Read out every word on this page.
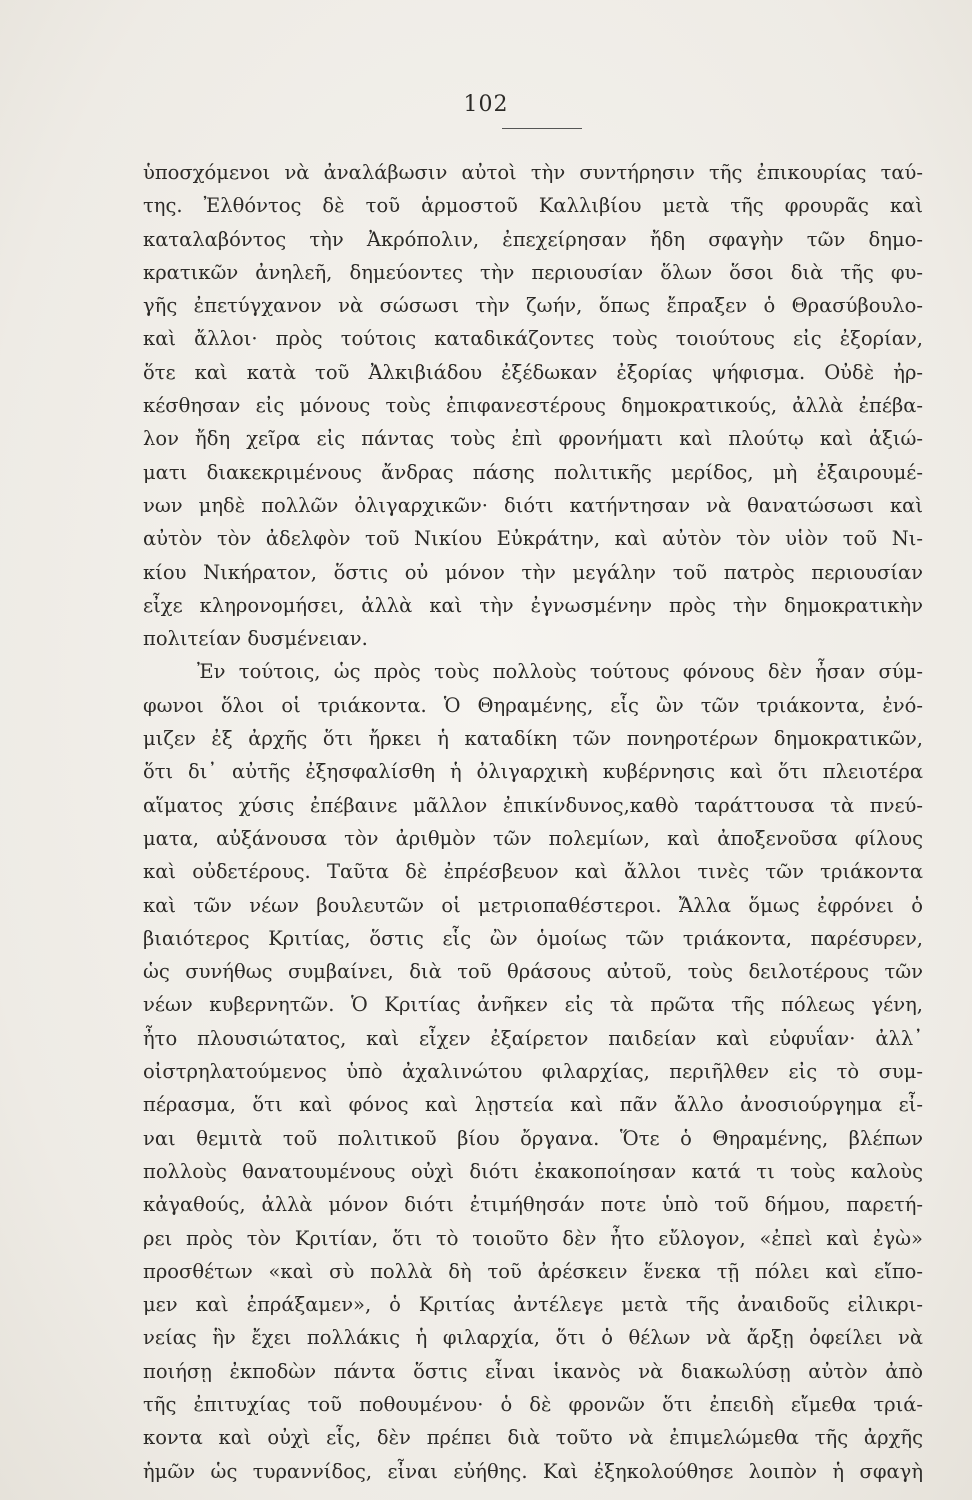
102
ὑποσχόμενοι νὰ ἀναλάβωσιν αὐτοὶ τὴν συντήρησιν τῆς ἐπικουρίας ταύ-
της. Ἐλθόντος δὲ τοῦ ἁρμοστοῦ Καλλιβίου μετὰ τῆς φρουρᾶς καὶ
καταλαβόντος τὴν Ἀκρόπολιν, ἐπεχείρησαν ἤδη σφαγὴν τῶν δημο-
κρατικῶν ἀνηλεῆ, δημεύοντες τὴν περιουσίαν ὅλων ὅσοι διὰ τῆς φυ-
γῆς ἐπετύγχανον νὰ σώσωσι τὴν ζωήν, ὅπως ἔπραξεν ὁ Θρασύβουλο-
καὶ ἄλλοι· πρὸς τούτοις καταδικάζοντες τοὺς τοιούτους εἰς ἐξορίαν,
ὅτε καὶ κατὰ τοῦ Ἀλκιβιάδου ἐξέδωκαν ἐξορίας ψήφισμα. Οὐδὲ ἠρ-
κέσθησαν εἰς μόνους τοὺς ἐπιφανεστέρους δημοκρατικούς, ἀλλὰ ἐπέβα-
λον ἤδη χεῖρα εἰς πάντας τοὺς ἐπὶ φρονήματι καὶ πλούτῳ καὶ ἀξιώ-
ματι διακεκριμένους ἄνδρας πάσης πολιτικῆς μερίδος, μὴ ἐξαιρουμέ-
νων μηδὲ πολλῶν ὀλιγαρχικῶν· διότι κατήντησαν νὰ θανατώσωσι καὶ
αὐτὸν τὸν ἀδελφὸν τοῦ Νικίου Εὐκράτην, καὶ αὐτὸν τὸν υἱὸν τοῦ Νι-
κίου Νικήρατον, ὅστις οὐ μόνον τὴν μεγάλην τοῦ πατρὸς περιουσίαν
εἶχε κληρονομήσει, ἀλλὰ καὶ τὴν ἐγνωσμένην πρὸς τὴν δημοκρατικὴν
πολιτείαν δυσμένειαν.
Ἐν τούτοις, ὡς πρὸς τοὺς πολλοὺς τούτους φόνους δὲν ἦσαν σύμ-
φωνοι ὅλοι οἱ τριάκοντα. Ὁ Θηραμένης, εἷς ὢν τῶν τριάκοντα, ἐνό-
μιζεν ἐξ ἀρχῆς ὅτι ἤρκει ἡ καταδίκη τῶν πονηροτέρων δημοκρατικῶν,
ὅτι δι᾽ αὐτῆς ἐξησφαλίσθη ἡ ὀλιγαρχικὴ κυβέρνησις καὶ ὅτι πλειοτέρα
αἵματος χύσις ἐπέβαινε μᾶλλον ἐπικίνδυνος,καθὸ ταράττουσα τὰ πνεύ-
ματα, αὐξάνουσα τὸν ἀριθμὸν τῶν πολεμίων, καὶ ἀποξενοῦσα φίλους
καὶ οὐδετέρους. Ταῦτα δὲ ἐπρέσβευον καὶ ἄλλοι τινὲς τῶν τριάκοντα
καὶ τῶν νέων βουλευτῶν οἱ μετριοπαθέστεροι. Ἄλλα ὅμως ἐφρόνει ὁ
βιαιότερος Κριτίας, ὅστις εἷς ὢν ὁμοίως τῶν τριάκοντα, παρέσυρεν,
ὡς συνήθως συμβαίνει, διὰ τοῦ θράσους αὐτοῦ, τοὺς δειλοτέρους τῶν
νέων κυβερνητῶν. Ὁ Κριτίας ἀνῆκεν εἰς τὰ πρῶτα τῆς πόλεως γένη,
ἦτο πλουσιώτατος, καὶ εἶχεν ἐξαίρετον παιδείαν καὶ εὐφυΐαν· ἀλλ᾽
οἰστρηλατούμενος ὑπὸ ἀχαλινώτου φιλαρχίας, περιῆλθεν εἰς τὸ συμ-
πέρασμα, ὅτι καὶ φόνος καὶ λῃστεία καὶ πᾶν ἄλλο ἀνοσιούργημα εἶ-
ναι θεμιτὰ τοῦ πολιτικοῦ βίου ὄργανα. Ὅτε ὁ Θηραμένης, βλέπων
πολλοὺς θανατουμένους οὐχὶ διότι ἐκακοποίησαν κατά τι τοὺς καλοὺς
κἀγαθούς, ἀλλὰ μόνον διότι ἐτιμήθησάν ποτε ὑπὸ τοῦ δήμου, παρετή-
ρει πρὸς τὸν Κριτίαν, ὅτι τὸ τοιοῦτο δὲν ἦτο εὔλογον, «ἐπεὶ καὶ ἐγὼ»
προσθέτων «καὶ σὺ πολλὰ δὴ τοῦ ἀρέσκειν ἕνεκα τῇ πόλει καὶ εἴπο-
μεν καὶ ἐπράξαμεν», ὁ Κριτίας ἀντέλεγε μετὰ τῆς ἀναιδοῦς εἰλικρι-
νείας ἣν ἔχει πολλάκις ἡ φιλαρχία, ὅτι ὁ θέλων νὰ ἄρξῃ ὀφείλει νὰ
ποιήσῃ ἐκποδὼν πάντα ὅστις εἶναι ἱκανὸς νὰ διακωλύσῃ αὐτὸν ἀπὸ
τῆς ἐπιτυχίας τοῦ ποθουμένου· ὁ δὲ φρονῶν ὅτι ἐπειδὴ εἴμεθα τριά-
κοντα καὶ οὐχὶ εἷς, δὲν πρέπει διὰ τοῦτο νὰ ἐπιμελώμεθα τῆς ἀρχῆς
ἡμῶν ὡς τυραννίδος, εἶναι εὐήθης. Καὶ ἐξηκολούθησε λοιπὸν ἡ σφαγὴ
